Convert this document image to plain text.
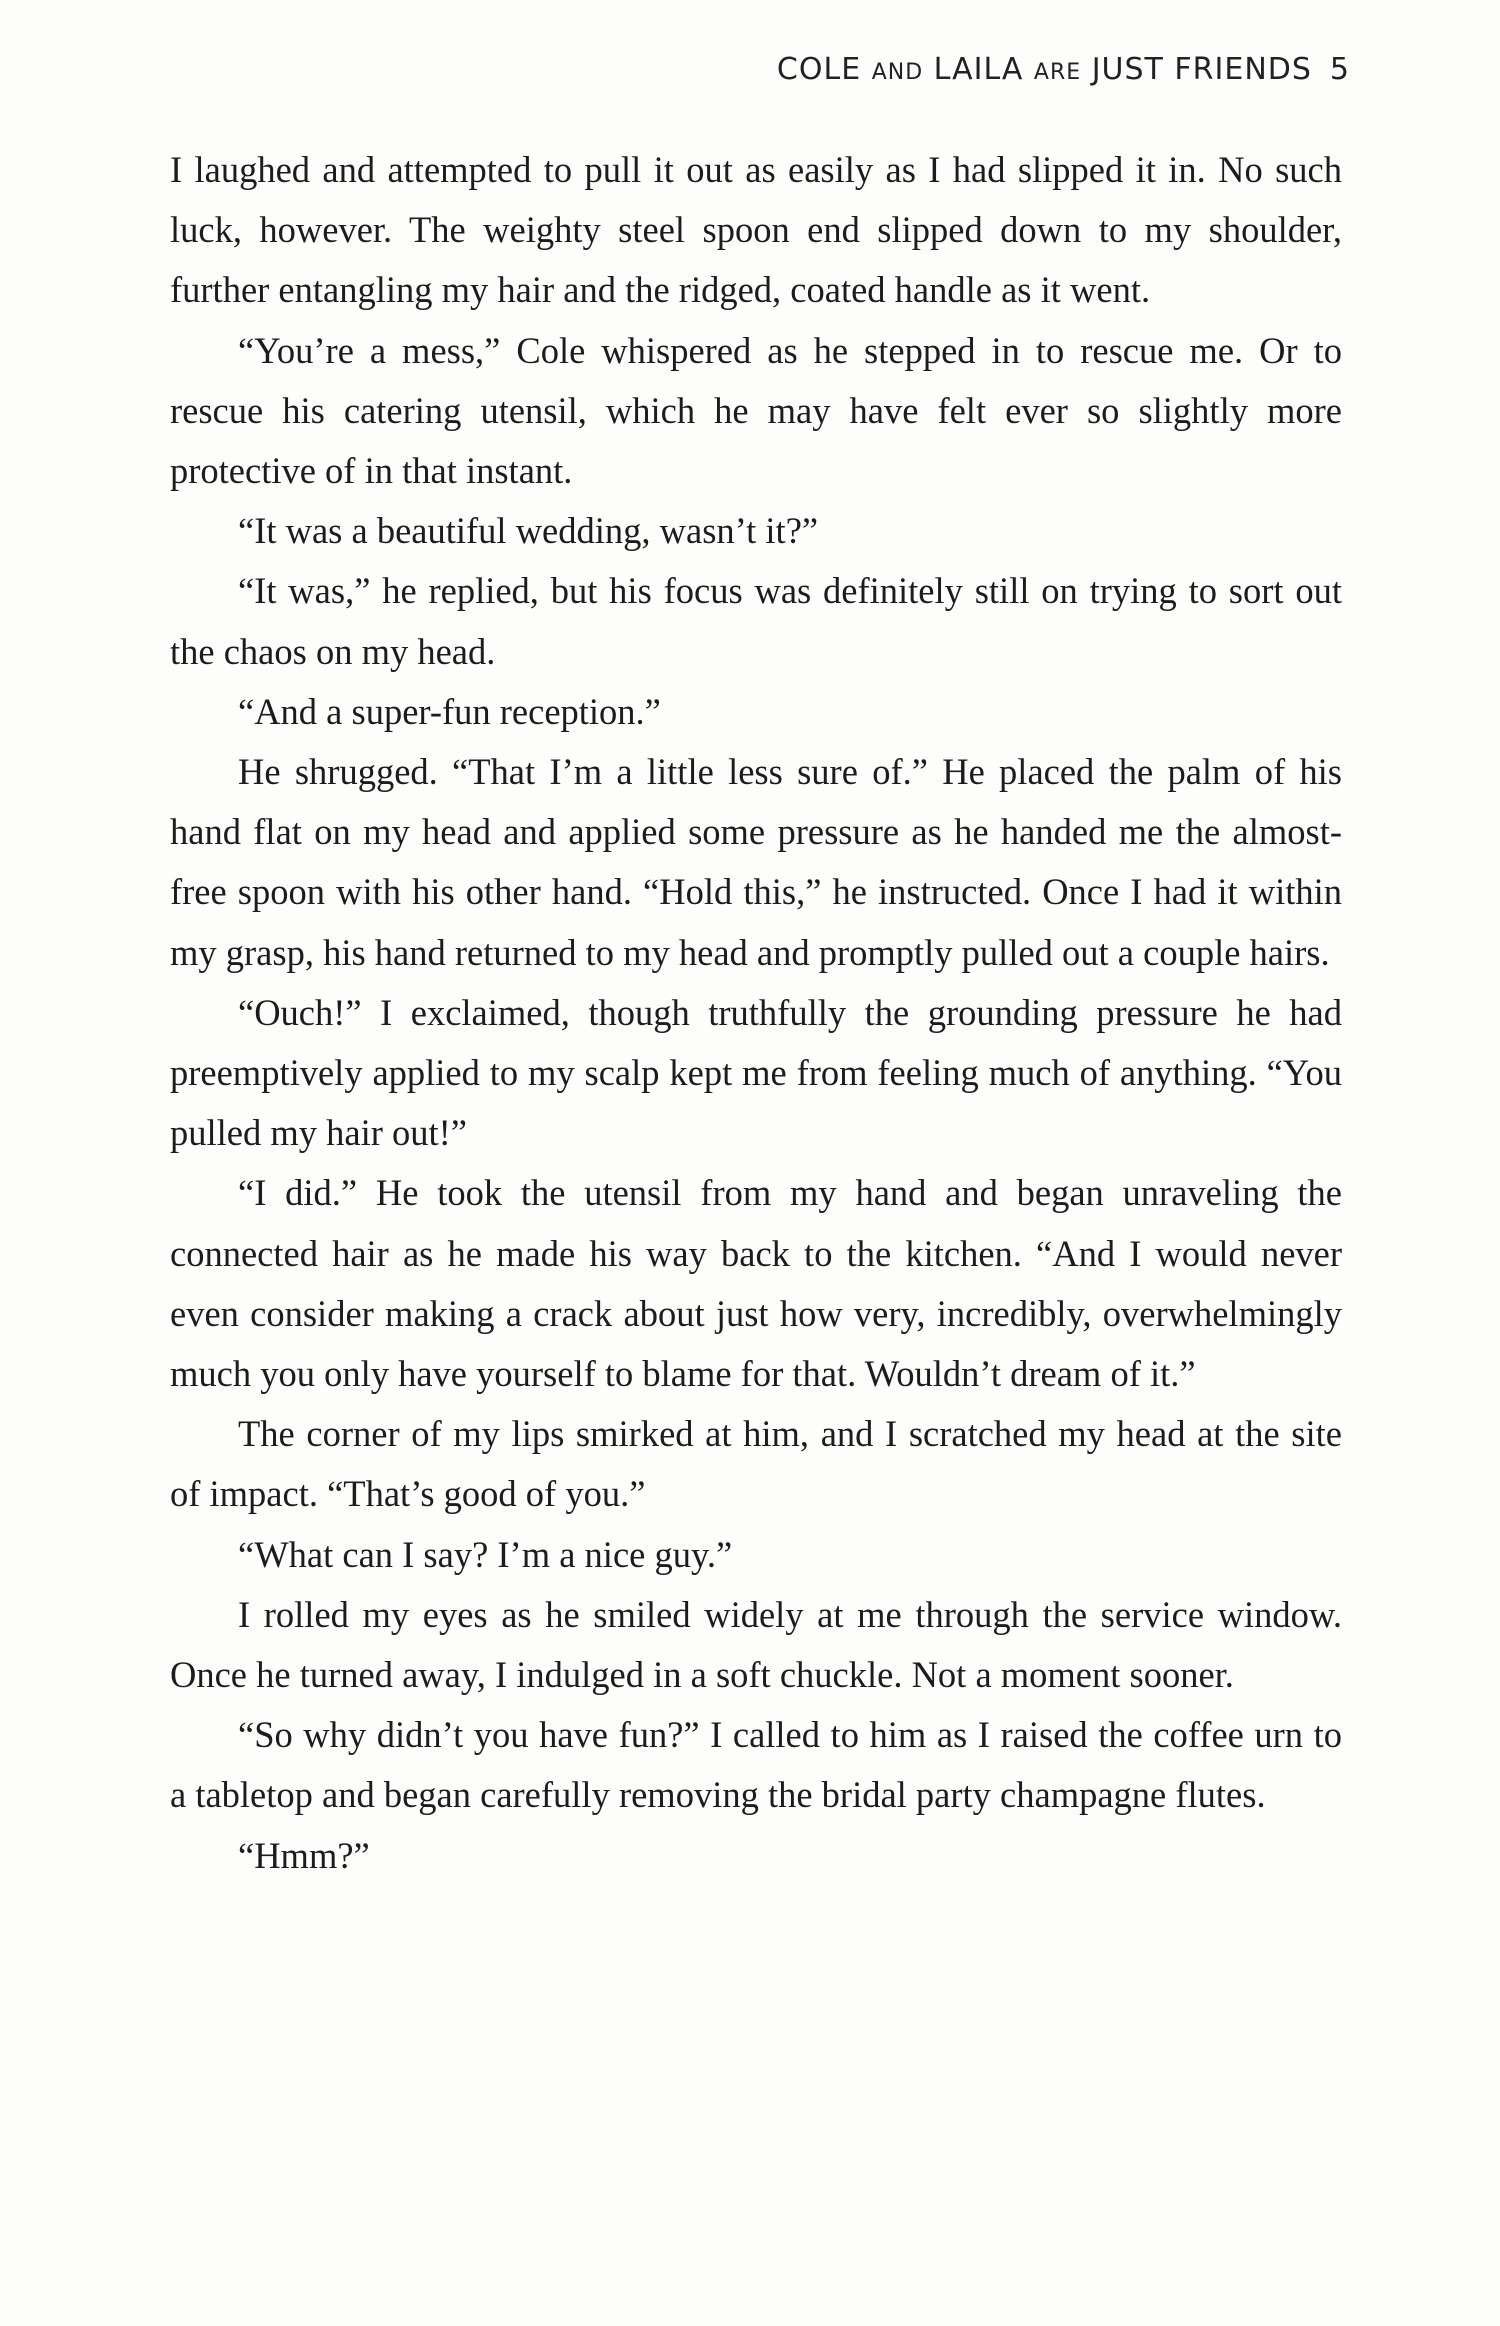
COLE AND LAILA ARE JUST FRIENDS 5

I laughed and attempted to pull it out as easily as I had slipped it in. No such luck, however. The weighty steel spoon end slipped down to my shoulder, further entangling my hair and the ridged, coated handle as it went.

“You’re a mess,” Cole whispered as he stepped in to rescue me. Or to rescue his catering utensil, which he may have felt ever so slightly more protective of in that instant.

“It was a beautiful wedding, wasn’t it?”

“It was,” he replied, but his focus was definitely still on trying to sort out the chaos on my head.

“And a super-fun reception.”

He shrugged. “That I’m a little less sure of.” He placed the palm of his hand flat on my head and applied some pressure as he handed me the almost-free spoon with his other hand. “Hold this,” he instructed. Once I had it within my grasp, his hand returned to my head and promptly pulled out a couple hairs.

“Ouch!” I exclaimed, though truthfully the grounding pressure he had preemptively applied to my scalp kept me from feeling much of anything. “You pulled my hair out!”

“I did.” He took the utensil from my hand and began unraveling the connected hair as he made his way back to the kitchen. “And I would never even consider making a crack about just how very, incredibly, overwhelmingly much you only have yourself to blame for that. Wouldn’t dream of it.”

The corner of my lips smirked at him, and I scratched my head at the site of impact. “That’s good of you.”

“What can I say? I’m a nice guy.”

I rolled my eyes as he smiled widely at me through the service window. Once he turned away, I indulged in a soft chuckle. Not a moment sooner.

“So why didn’t you have fun?” I called to him as I raised the coffee urn to a tabletop and began carefully removing the bridal party champagne flutes.

“Hmm?”
